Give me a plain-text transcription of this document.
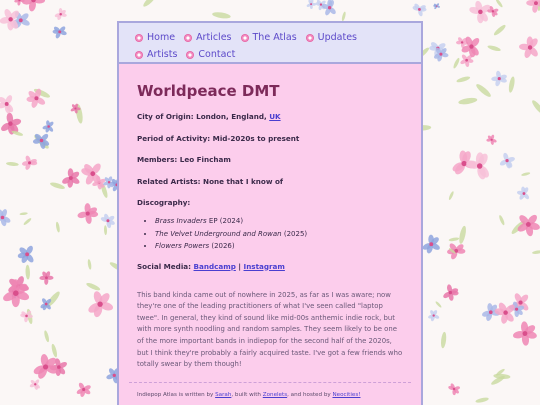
Home Articles The Atlas Updates
Artists Contact
Worldpeace DMT

City of Origin: London, England, UK

Period of Activity: Mid-2020s to present

Members: Leo Fincham

Related Artists: None that I know of

Discography:
• Brass Invaders EP (2024)
• The Velvet Underground and Rowan (2025)
• Flowers Powers (2026)

Social Media: Bandcamp | Instagram

This band kinda came out of nowhere in 2025, as far as I was aware; now they're one of the leading practitioners of what I've seen called "laptop twee". In general, they kind of sound like mid-00s anthemic indie rock, but with more synth noodling and random samples. They seem likely to be one of the more important bands in indiepop for the second half of the 2020s, but I think they're probably a fairly acquired taste. I've got a few friends who totally swear by them though!

Indiepop Atlas is written by Sarah, built with Zonelets, and hosted by Neocities!
